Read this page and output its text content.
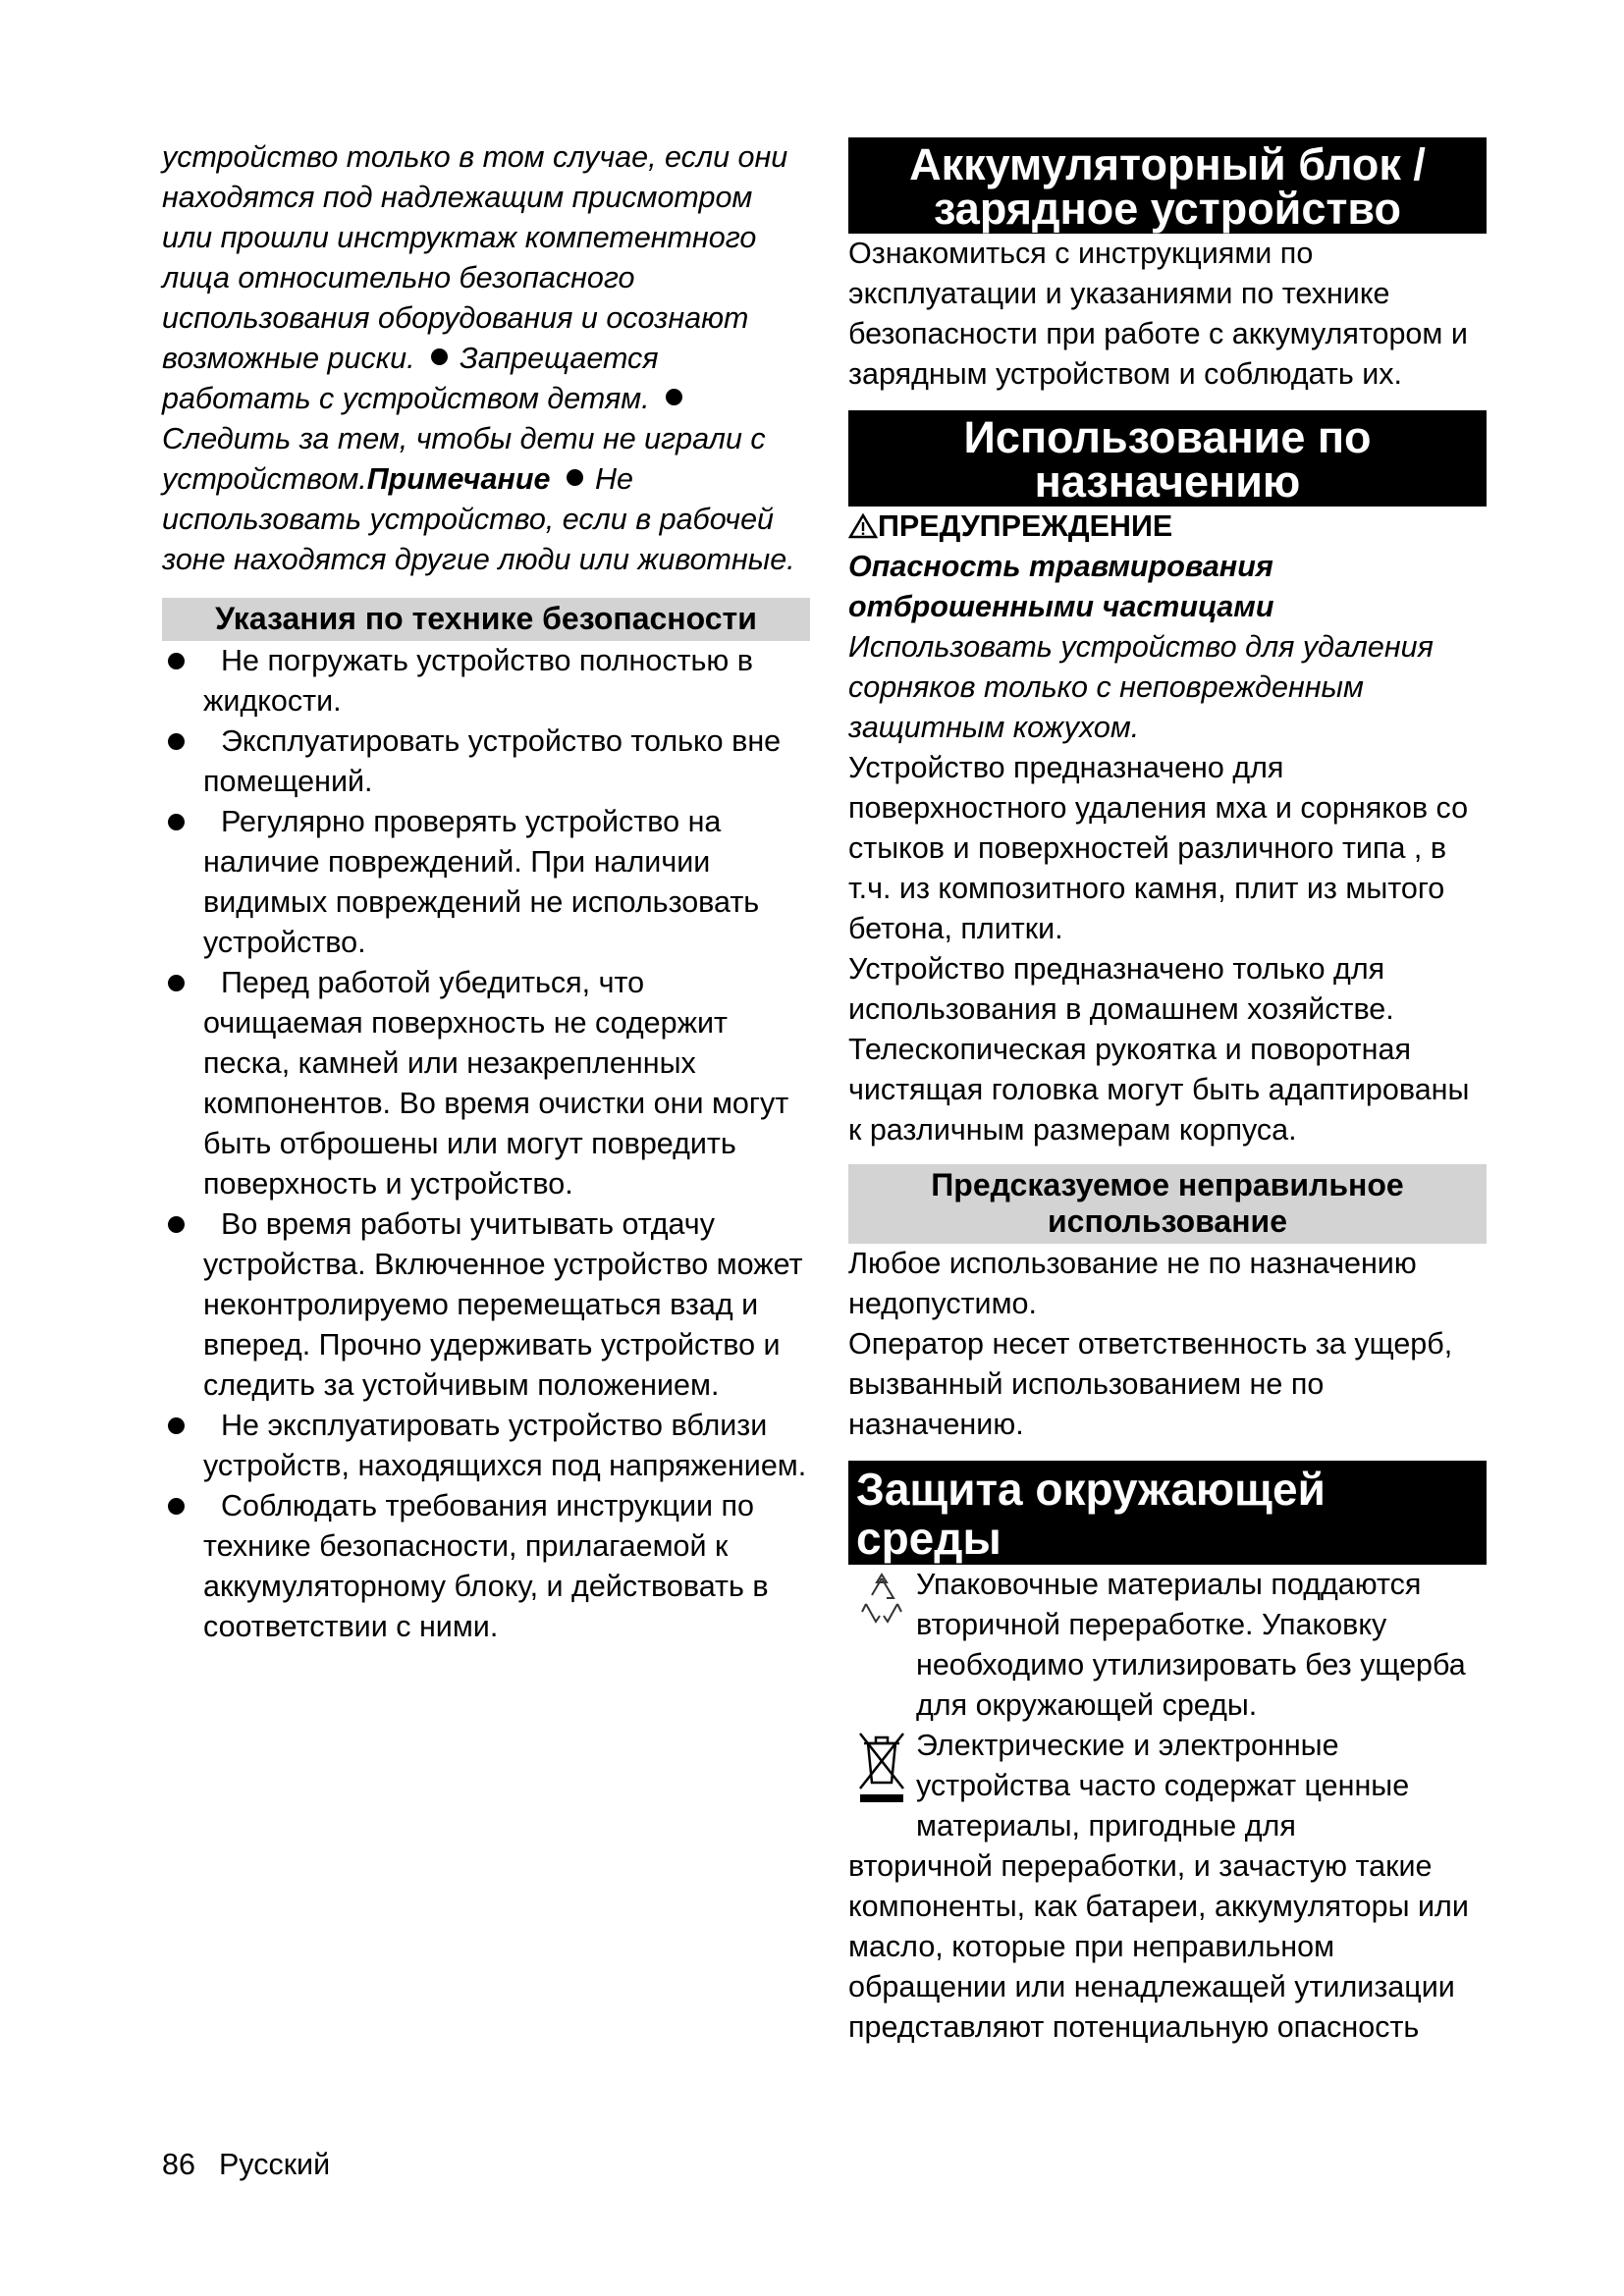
устройство только в том случае, если они находятся под надлежащим присмотром или прошли инструктаж компетентного лица относительно безопасного использования оборудования и осознают возможные риски. Запрещается работать с устройством детям. Следить за тем, чтобы дети не играли с устройством.Примечание Не использовать устройство, если в рабочей зоне находятся другие люди или животные.

Указания по технике безопасности
Не погружать устройство полностью в жидкости.
Эксплуатировать устройство только вне помещений.
Регулярно проверять устройство на наличие повреждений. При наличии видимых повреждений не использовать устройство.
Перед работой убедиться, что очищаемая поверхность не содержит песка, камней или незакрепленных компонентов. Во время очистки они могут быть отброшены или могут повредить поверхность и устройство.
Во время работы учитывать отдачу устройства. Включенное устройство может неконтролируемо перемещаться взад и вперед. Прочно удерживать устройство и следить за устойчивым положением.
Не эксплуатировать устройство вблизи устройств, находящихся под напряжением.
Соблюдать требования инструкции по технике безопасности, прилагаемой к аккумуляторному блоку, и действовать в соответствии с ними.
Аккумуляторный блок / зарядное устройство

Ознакомиться с инструкциями по эксплуатации и указаниями по технике безопасности при работе с аккумулятором и зарядным устройством и соблюдать их.

Использование по назначению

ПРЕДУПРЕЖДЕНИЕ

Опасность травмирования отброшенными частицами

Использовать устройство для удаления сорняков только с неповрежденным защитным кожухом.

Устройство предназначено для поверхностного удаления мха и сорняков со стыков и поверхностей различного типа , в т.ч. из композитного камня, плит из мытого бетона, плитки.

Устройство предназначено только для использования в домашнем хозяйстве.

Телескопическая рукоятка и поворотная чистящая головка могут быть адаптированы к различным размерам корпуса.

Предсказуемое неправильное использование

Любое использование не по назначению недопустимо.

Оператор несет ответственность за ущерб, вызванный использованием не по назначению.

Защита окружающей среды

Упаковочные материалы поддаются вторичной переработке. Упаковку необходимо утилизировать без ущерба для окружающей среды.

Электрические и электронные устройства часто содержат ценные материалы, пригодные для

вторичной переработки, и зачастую такие компоненты, как батареи, аккумуляторы или масло, которые при неправильном обращении или ненадлежащей утилизации представляют потенциальную опасность

86 Русский
